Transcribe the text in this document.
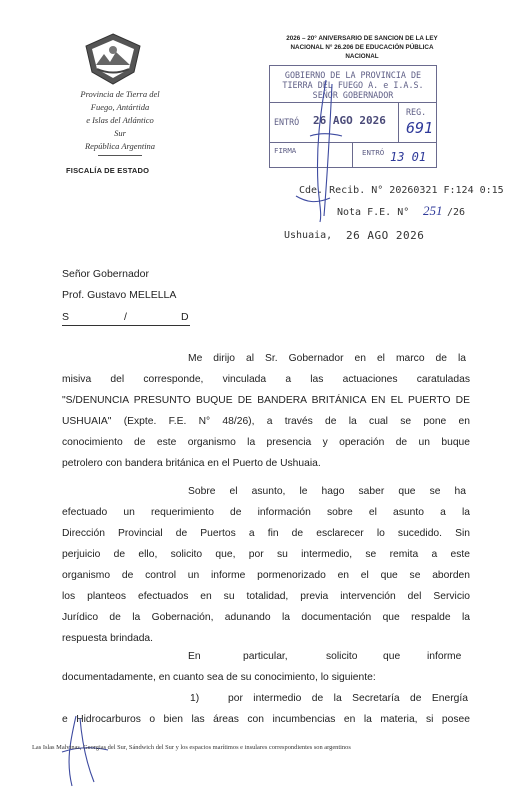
Provincia de Tierra del
Fuego, Antártida
e Islas del Atlántico
Sur
República Argentina
FISCALÍA DE ESTADO
2026 – 20° ANIVERSARIO DE SANCION DE LA LEY
NACIONAL N° 26.206 DE EDUCACIÓN PÚBLICA
NACIONAL
GOBIERNO DE LA PROVINCIA DE
TIERRA DEL FUEGO A. e I.A.S.
SEÑOR GOBERNADOR
ENTRÓ 26 AGO 2026
REG.
691
FIRMA	ENTRÓ 13 01
Cde. Recib. N° 20260321 F:124 0:15
Nota F.E. N° 251 /26
Ushuaia, 26 AGO 2026
Señor Gobernador
Prof. Gustavo MELELLA
S	/	D
Me dirijo al Sr. Gobernador en el marco de la
misiva del corresponde, vinculada a las actuaciones caratuladas
"S/DENUNCIA PRESUNTO BUQUE DE BANDERA BRITÁNICA EN EL PUERTO DE
USHUAIA" (Expte. F.E. N° 48/26), a través de la cual se pone en
conocimiento de este organismo la presencia y operación de un buque
petrolero con bandera británica en el Puerto de Ushuaia.
Sobre el asunto, le hago saber que se ha
efectuado un requerimiento de información sobre el asunto a la
Dirección Provincial de Puertos a fin de esclarecer lo sucedido. Sin
perjuicio de ello, solicito que, por su intermedio, se remita a este
organismo de control un informe pormenorizado en el que se aborden
los planteos efectuados en su totalidad, previa intervención del Servicio
Jurídico de la Gobernación, adunando la documentación que respalde la
respuesta brindada.
En	particular,	solicito	que	informe
documentadamente, en cuanto sea de su conocimiento, lo siguiente:
1)	por intermedio de la Secretaría de Energía
e Hidrocarburos o bien las áreas con incumbencias en la materia, si posee
Las Islas Malvinas, Georgias del Sur, Sándwich del Sur y los espacios marítimos e insulares correspondientes son argentinos
